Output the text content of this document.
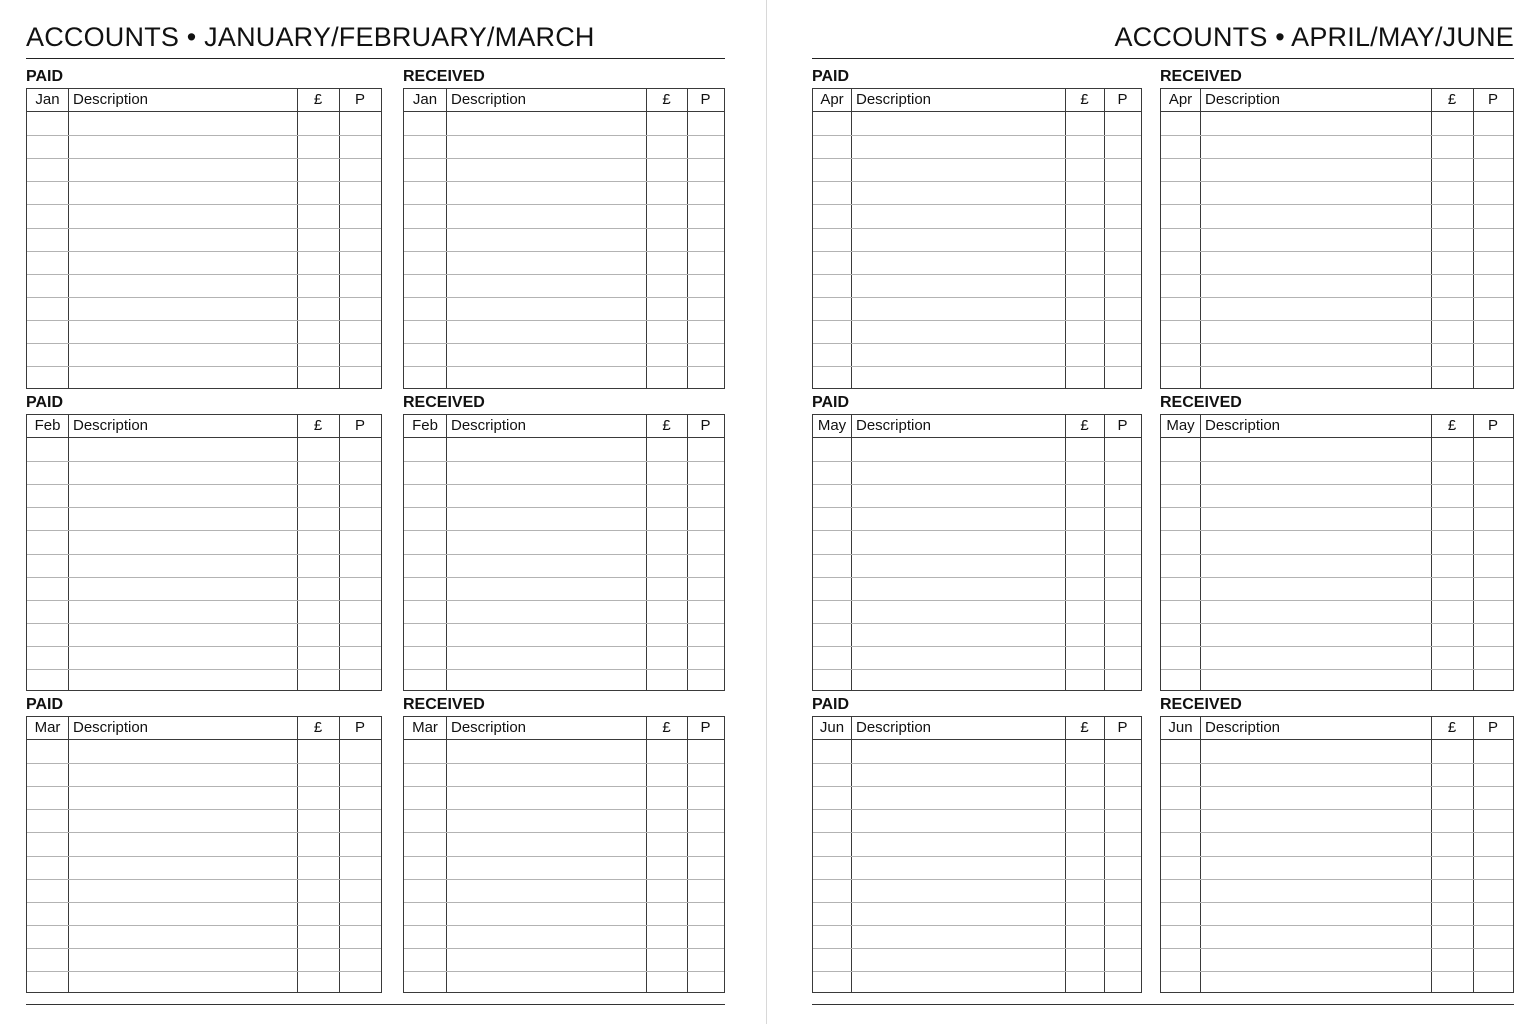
ACCOUNTS • JANUARY/FEBRUARY/MARCH	ACCOUNTS • APRIL/MAY/JUNE
PAID
Jan Description	£	P
RECEIVED
Jan Description	£	P
PAID
Apr Description	£	P
RECEIVED
Apr Description	£	P
PAID
Feb Description	£	P
RECEIVED
Feb Description	£	P
PAID
May Description	£	P
RECEIVED
May Description	£	P
PAID
Mar Description	£	P
RECEIVED
Mar Description	£	P
PAID
Jun Description	£	P
RECEIVED
Jun Description	£	P
